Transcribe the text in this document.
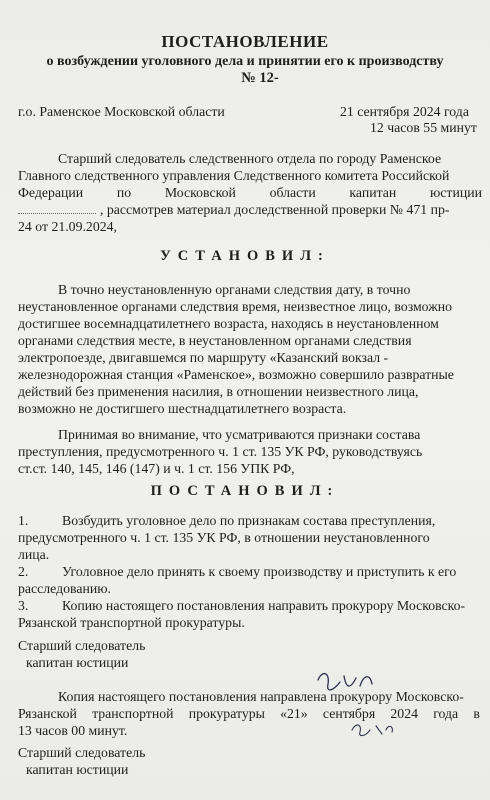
ПОСТАНОВЛЕНИЕ
о возбуждении уголовного дела и принятии его к производству
№ 12-
г.о. Раменское Московской области	21 сентября 2024 года
12 часов 55 минут
Старший следователь следственного отдела по городу Раменское
Главного следственного управления Следственного комитета Российской
Федерации по Московской области капитан юстиции
, рассмотрев материал доследственной проверки № 471 пр-
24 от 21.09.2024,
УСТАНОВИЛ:
В точно неустановленную органами следствия дату, в точно
неустановленное органами следствия время, неизвестное лицо, возможно
достигшее восемнадцатилетнего возраста, находясь в неустановленном
органами следствия месте, в неустановленном органами следствия
электропоезде, двигавшемся по маршруту «Казанский вокзал -
железнодорожная станция «Раменское», возможно совершило развратные
действий без применения насилия, в отношении неизвестного лица,
возможно не достигшего шестнадцатилетнего возраста.
Принимая во внимание, что усматриваются признаки состава
преступления, предусмотренного ч. 1 ст. 135 УК РФ, руководствуясь
ст.ст. 140, 145, 146 (147) и ч. 1 ст. 156 УПК РФ,
ПОСТАНОВИЛ:
1.	Возбудить уголовное дело по признакам состава преступления,
предусмотренного ч. 1 ст. 135 УК РФ, в отношении неустановленного
лица.
2.	Уголовное дело принять к своему производству и приступить к его
расследованию.
3.	Копию настоящего постановления направить прокурору Московско-
Рязанской транспортной прокуратуры.
Старший следователь
капитан юстиции
Копия настоящего постановления направлена прокурору Московско-
Рязанской транспортной прокуратуры «21» сентября 2024 года в
13 часов 00 минут.
Старший следователь
капитан юстиции
